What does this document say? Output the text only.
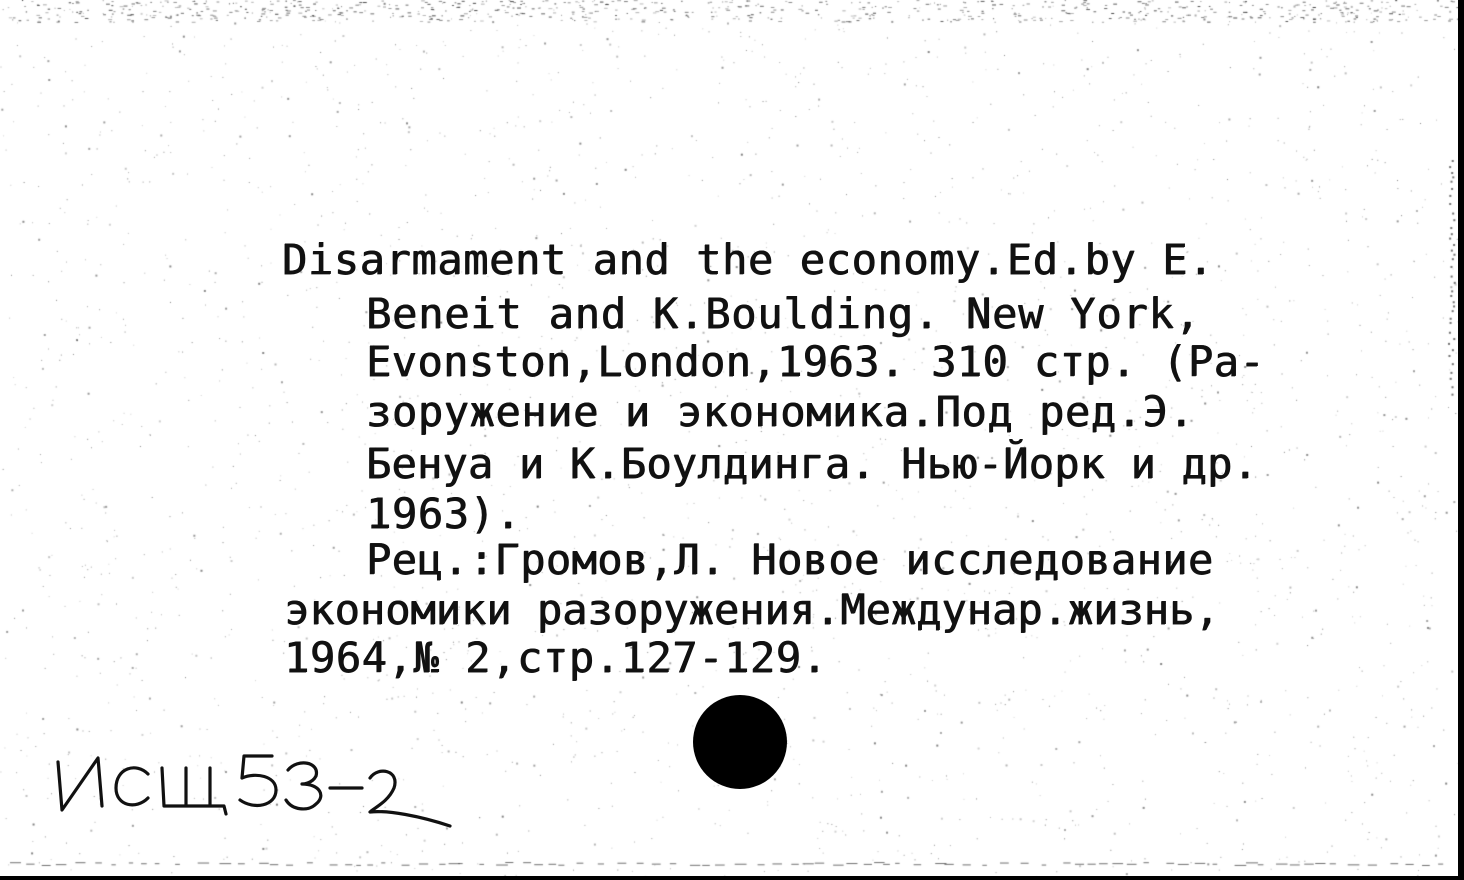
Disarmament and the economy.Ed.by E.
Beneit and K.Boulding. New York,
Evonston,London,1963. 310 стр. (Ра-
зоружение и экономика.Под ред.Э.
Бенуа и К.Боулдинга. Нью-Йорк и др.
1963).
Рец.:Громов,Л. Новое исследование
экономики разоружения.Междунар.жизнь,
1964,№ 2,стр.127-129.
